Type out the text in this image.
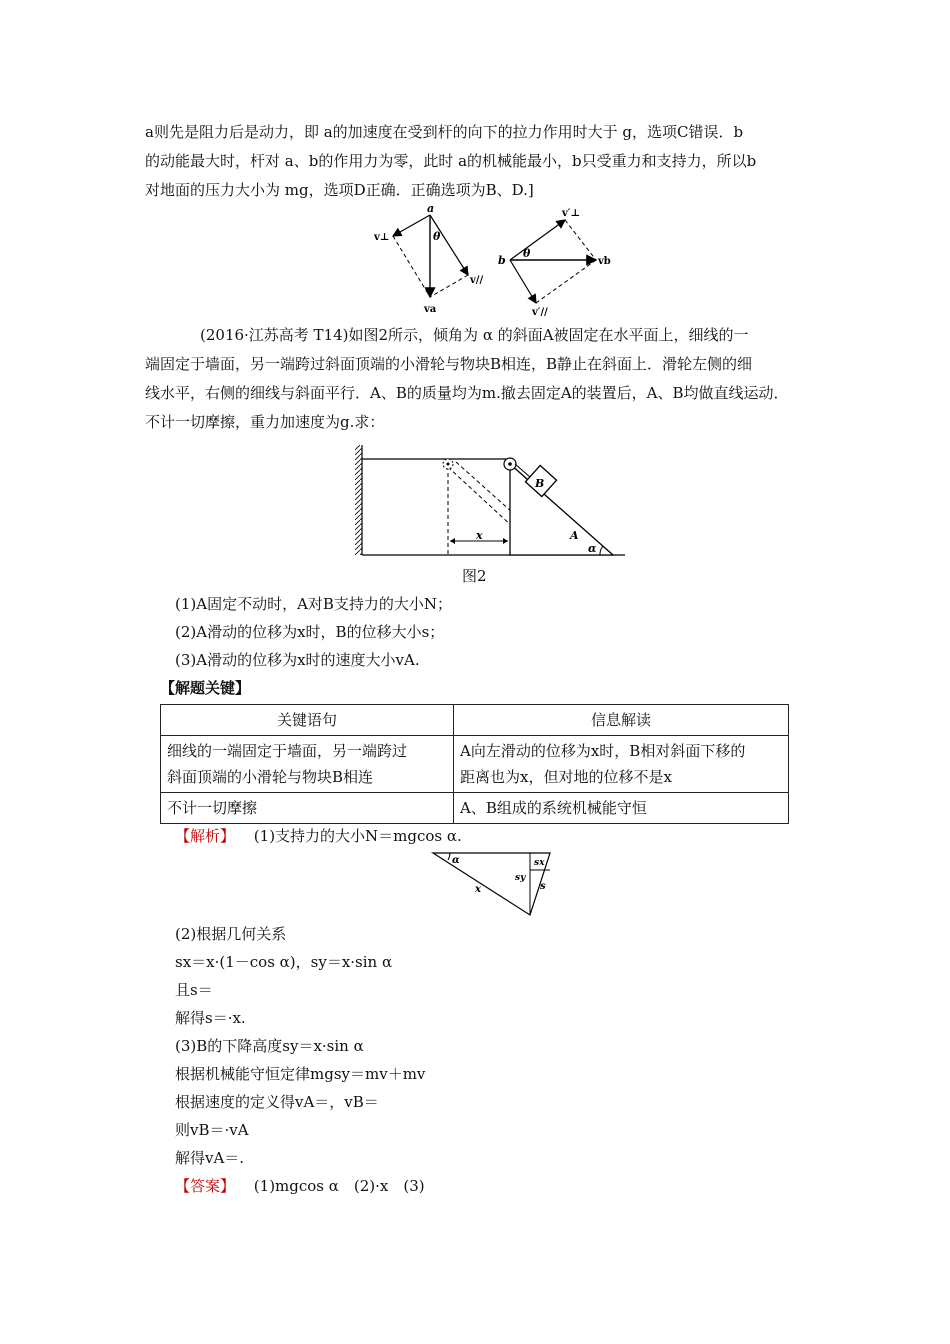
a则先是阻力后是动力，即 a的加速度在受到杆的向下的拉力作用时大于 g，选项C错误．b
的动能最大时，杆对 a、b的作用力为零，此时 a的机械能最小，b只受重力和支持力，所以b
对地面的压力大小为 mg，选项D正确．正确选项为B、D.]
a
θ
v⊥
v//
va
b
θ
v′⊥
vb
v′//
(2016·江苏高考 T14)如图2所示，倾角为 α 的斜面A被固定在水平面上，细线的一
端固定于墙面，另一端跨过斜面顶端的小滑轮与物块B相连，B静止在斜面上．滑轮左侧的细
线水平，右侧的细线与斜面平行．A、B的质量均为m.撤去固定A的装置后，A、B均做直线运动．
不计一切摩擦，重力加速度为g.求：
B
A
α
x
图2
(1)A固定不动时，A对B支持力的大小N；
(2)A滑动的位移为x时，B的位移大小s；
(3)A滑动的位移为x时的速度大小vA.
【解题关键】
关键语句	信息解读
细线的一端固定于墙面，另一端跨过
斜面顶端的小滑轮与物块B相连	A向左滑动的位移为x时，B相对斜面下移的
距离也为x，但对地的位移不是x
不计一切摩擦	A、B组成的系统机械能守恒
【解析】 (1)支持力的大小N＝mgcos α.
α
x
sx
sy
s
(2)根据几何关系
sx＝x·(1－cos α)，sy＝x·sin α
且s＝
解得s＝·x.
(3)B的下降高度sy＝x·sin α
根据机械能守恒定律mgsy＝mv＋mv
根据速度的定义得vA＝，vB＝
则vB＝·vA
解得vA＝.
【答案】 (1)mgcos α　(2)·x　(3)
